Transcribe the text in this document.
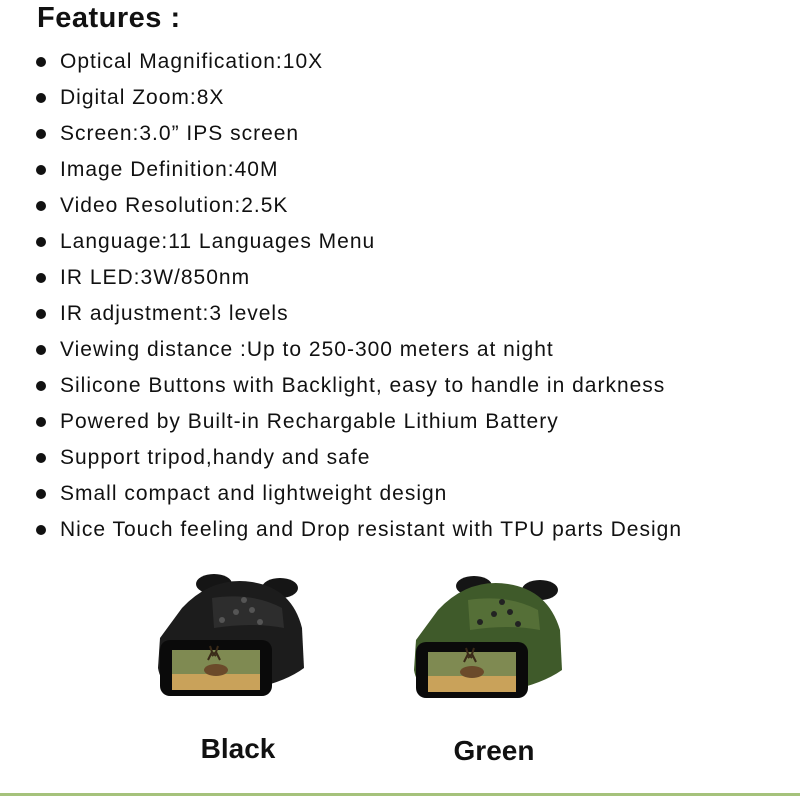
Features :
Optical Magnification:10X
Digital Zoom:8X
Screen:3.0” IPS screen
Image Definition:40M
Video Resolution:2.5K
Language:11 Languages Menu
IR LED:3W/850nm
IR adjustment:3 levels
Viewing distance :Up to 250-300 meters at night
Silicone Buttons with Backlight, easy to handle in darkness
Powered by Built-in Rechargable Lithium Battery
Support tripod,handy and safe
Small compact and lightweight design
Nice Touch feeling and Drop resistant with TPU parts Design
Black	Green
